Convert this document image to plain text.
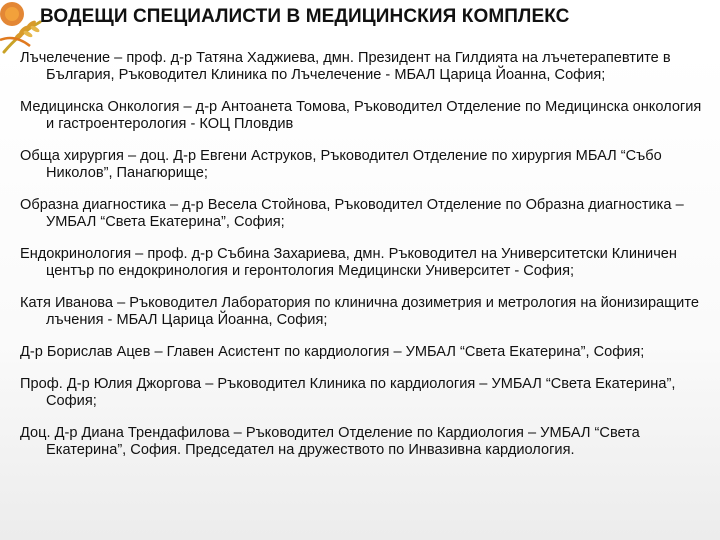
ВОДЕЩИ СПЕЦИАЛИСТИ В МЕДИЦИНСКИЯ КОМПЛЕКС
Лъчелечение – проф. д-р Татяна Хаджиева, дмн. Президент на Гилдията на лъчетерапевтите в България, Ръководител Клиника по Лъчелечение - МБАЛ Царица Йоанна, София;
Медицинска Онкология – д-р Антоанета Томова, Ръководител Отделение по Медицинска онкология и гастроентерология - КОЦ Пловдив
Обща хирургия – доц. Д-р Евгени Аструков, Ръководител Отделение по хирургия МБАЛ “Събо Николов”, Панагюрище;
Образна диагностика – д-р Весела Стойнова, Ръководител Отделение по Образна диагностика – УМБАЛ “Света Екатерина”, София;
Ендокринология – проф. д-р Събина Захариева, дмн. Ръководител на Университетски Клиничен център по ендокринология и геронтология Медицински Университет - София;
Катя Иванова – Ръководител Лаборатория по клинична дозиметрия и метрология на йонизиращите лъчения - МБАЛ Царица Йоанна, София;
Д-р Борислав Ацев – Главен Асистент по кардиология – УМБАЛ “Света Екатерина”, София;
Проф. Д-р Юлия Джоргова – Ръководител Клиника по кардиология – УМБАЛ “Света Екатерина”, София;
Доц. Д-р Диана Трендафилова – Ръководител Отделение по Кардиология – УМБАЛ “Света Екатерина”, София. Председател на дружеството по Инвазивна кардиология.
